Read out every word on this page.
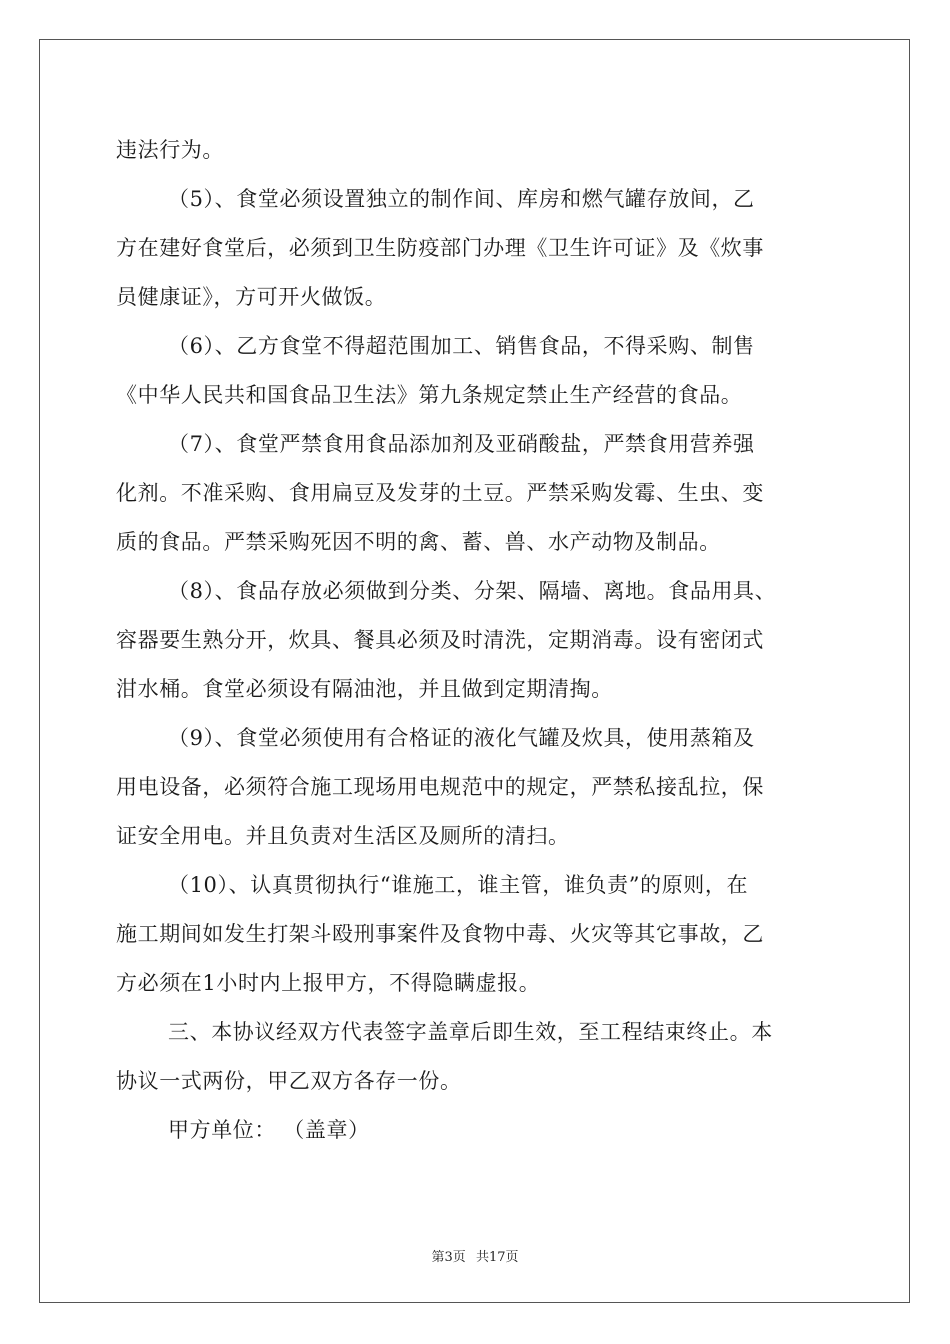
违法行为。
（5）、食堂必须设置独立的制作间、库房和燃气罐存放间，乙
方在建好食堂后，必须到卫生防疫部门办理《卫生许可证》及《炊事
员健康证》，方可开火做饭。
（6）、乙方食堂不得超范围加工、销售食品，不得采购、制售
《中华人民共和国食品卫生法》第九条规定禁止生产经营的食品。
（7）、食堂严禁食用食品添加剂及亚硝酸盐，严禁食用营养强
化剂。不准采购、食用扁豆及发芽的土豆。严禁采购发霉、生虫、变
质的食品。严禁采购死因不明的禽、蓄、兽、水产动物及制品。
（8）、食品存放必须做到分类、分架、隔墙、离地。食品用具、
容器要生熟分开，炊具、餐具必须及时清洗，定期消毒。设有密闭式
泔水桶。食堂必须设有隔油池，并且做到定期清掏。
（9）、食堂必须使用有合格证的液化气罐及炊具，使用蒸箱及
用电设备，必须符合施工现场用电规范中的规定，严禁私接乱拉，保
证安全用电。并且负责对生活区及厕所的清扫。
（10）、认真贯彻执行“谁施工，谁主管，谁负责”的原则，在
施工期间如发生打架斗殴刑事案件及食物中毒、火灾等其它事故，乙
方必须在1小时内上报甲方，不得隐瞒虚报。
三、本协议经双方代表签字盖章后即生效，至工程结束终止。本
协议一式两份，甲乙双方各存一份。
甲方单位： （盖章）
第3页 共17页
